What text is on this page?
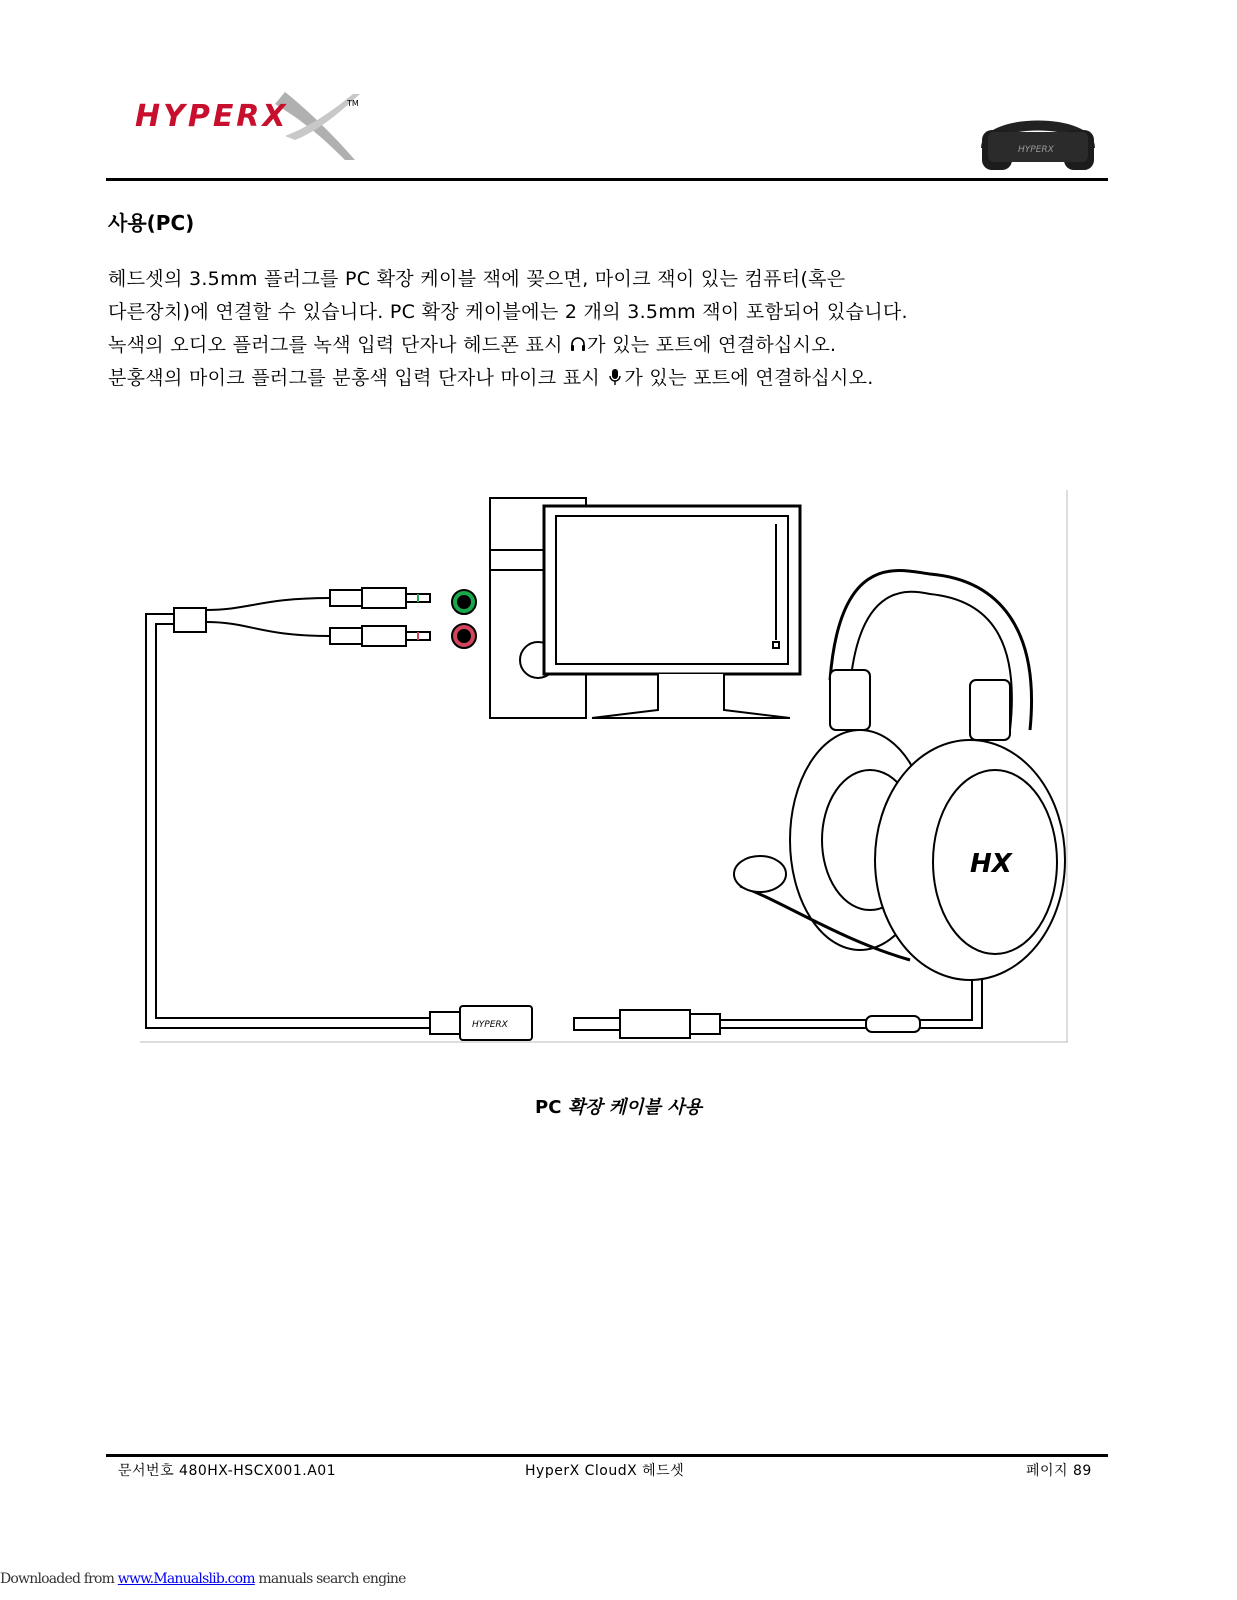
HYPERX	TM
HYPERX
사용(PC)
헤드셋의 3.5mm 플러그를 PC 확장 케이블 잭에 꽂으면, 마이크 잭이 있는 컴퓨터(혹은
다른장치)에 연결할 수 있습니다. PC 확장 케이블에는 2 개의 3.5mm 잭이 포함되어 있습니다.
녹색의 오디오 플러그를 녹색 입력 단자나 헤드폰 표시 가 있는 포트에 연결하십시오.
분홍색의 마이크 플러그를 분홍색 입력 단자나 마이크 표시 가 있는 포트에 연결하십시오.
HYPERX
HX
PC 확장 케이블 사용
문서번호 480HX-HSCX001.A01	HyperX CloudX 헤드셋	페이지 89
Downloaded from www.Manualslib.com manuals search engine
